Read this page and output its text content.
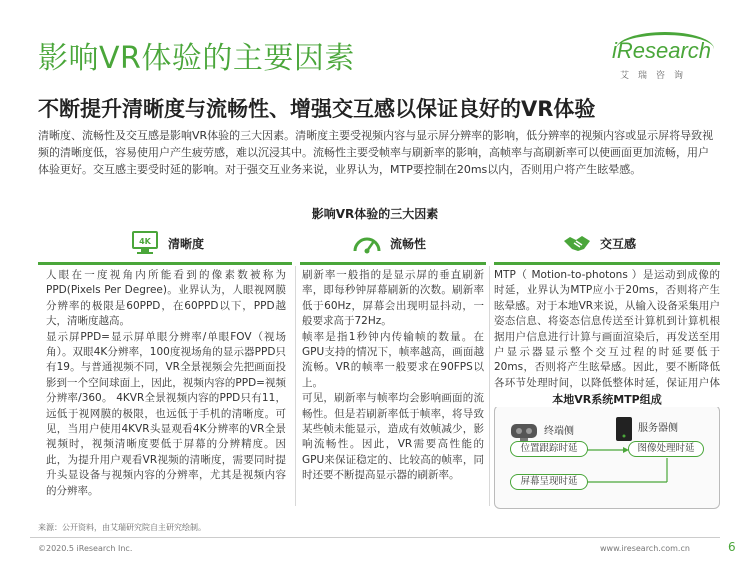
影响VR体验的主要因素	iResearch
艾瑞咨询
不断提升清晰度与流畅性、增强交互感以保证良好的VR体验
清晰度、流畅性及交互感是影响VR体验的三大因素。清晰度主要受视频内容与显示屏分辨率的影响，低分辨率的视频内容或显示屏将导致视频的清晰度低，容易使用户产生疲劳感，难以沉浸其中。流畅性主要受帧率与刷新率的影响，高帧率与高刷新率可以使画面更加流畅，用户体验更好。交互感主要受时延的影响。对于强交互业务来说，业界认为，MTP要控制在20ms以内，否则用户将产生眩晕感。
影响VR体验的三大因素
4K 清晰度	流畅性	交互感
人眼在一度视角内所能看到的像素数被称为PPD(Pixels Per Degree)。业界认为，人眼视网膜分辨率的极限是60PPD，在60PPD以下，PPD越大，清晰度越高。
显示屏PPD=显示屏单眼分辨率/单眼FOV（视场角）。双眼4K分辨率，100度视场角的显示器PPD只有19。与普通视频不同，VR全景视频会先把画面投影到一个空间球面上，因此，视频内容的PPD=视频分辨率/360。 4KVR全景视频内容的PPD只有11，远低于视网膜的极限，也远低于手机的清晰度。可见，当用户使用4KVR头显观看4K分辨率的VR全景视频时，视频清晰度要低于屏幕的分辨精度。因此，为提升用户观看VR视频的清晰度，需要同时提升头显设备与视频内容的分辨率，尤其是视频内容的分辨率。
刷新率一般指的是显示屏的垂直刷新率，即每秒钟屏幕刷新的次数。刷新率低于60Hz，屏幕会出现明显抖动，一般要求高于72Hz。
帧率是指1秒钟内传输帧的数量。在GPU支持的情况下，帧率越高，画面越流畅。VR的帧率一般要求在90FPS以上。
可见，刷新率与帧率均会影响画面的流畅性。但是若刷新率低于帧率，将导致某些帧未能显示，造成有效帧减少，影响流畅性。因此，VR需要高性能的GPU来保证稳定的、比较高的帧率，同时还要不断提高显示器的刷新率。
MTP（ Motion-to-photons ）是运动到成像的时延，业界认为MTP应小于20ms，否则将产生眩晕感。对于本地VR来说，从输入设备采集用户姿态信息、将姿态信息传送至计算机到计算机根据用户信息进行计算与画面渲染后，再发送至用户显示器显示整个交互过程的时延要低于20ms，否则将产生眩晕感。因此，要不断降低各环节处理时间，以降低整体时延，保证用户体
本地VR系统MTP组成
终端侧	服务器侧
位置跟踪时延	图像处理时延
屏幕呈现时延
来源：公开资料，由艾瑞研究院自主研究绘制。
©2020.5 iResearch Inc.	www.iresearch.com.cn	6
